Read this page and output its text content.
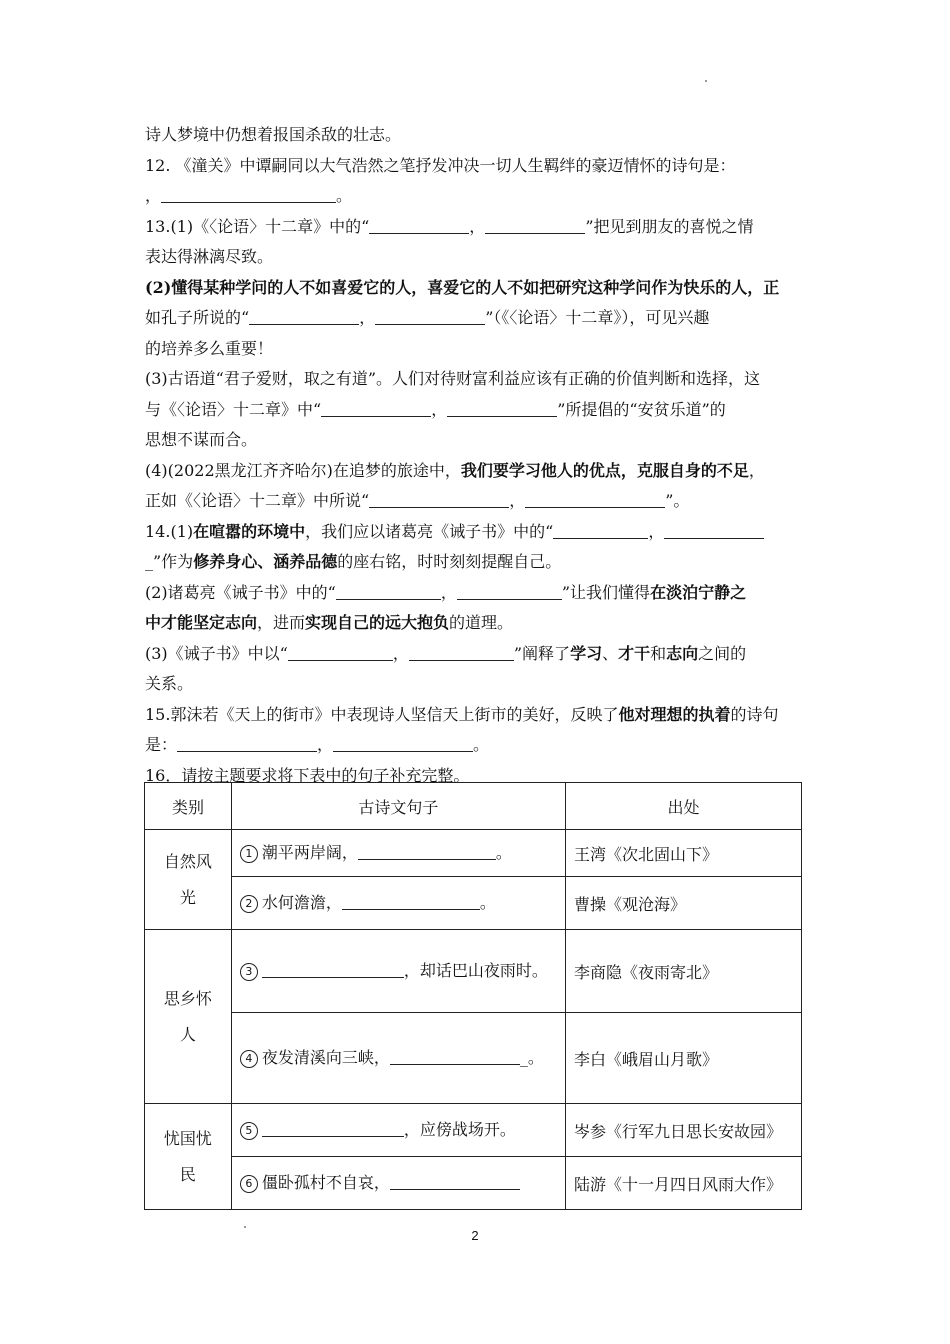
诗人梦境中仍想着报国杀敌的壮志。
12. 《潼关》中谭嗣同以大气浩然之笔抒发冲决一切人生羁绊的豪迈情怀的诗句是：
，	。
13.(1)《〈论语〉十二章》中的“	，	”把见到朋友的喜悦之情
表达得淋漓尽致。
(2)懂得某种学问的人不如喜爱它的人，喜爱它的人不如把研究这种学问作为快乐的人，正
如孔子所说的“	，	”（《〈论语〉十二章》），可见兴趣
的培养多么重要！
(3)古语道“君子爱财，取之有道”。人们对待财富利益应该有正确的价值判断和选择，这
与《〈论语〉十二章》中“	，	”所提倡的“安贫乐道”的
思想不谋而合。
(4)(2022黑龙江齐齐哈尔)在追梦的旅途中，我们要学习他人的优点，克服自身的不足，
正如《〈论语〉十二章》中所说“	，	”。
14.(1)在喧嚣的环境中，我们应以诸葛亮《诫子书》中的“	，
_”作为修养身心、涵养品德的座右铭，时时刻刻提醒自己。
(2)诸葛亮《诫子书》中的“	，	”让我们懂得在淡泊宁静之
中才能坚定志向，进而实现自己的远大抱负的道理。
(3)《诫子书》中以“	，	”阐释了学习、才干和志向之间的
关系。
15.郭沫若《天上的街市》中表现诗人坚信天上街市的美好，反映了他对理想的执着的诗句
是：	，	。
16．请按主题要求将下表中的句子补充完整。
类别	古诗文句子	出处
自然风光	1 潮平两岸阔， 。	王湾《次北固山下》
	2 水何澹澹， 。	曹操《观沧海》
思乡怀人	3 ，却话巴山夜雨时。	李商隐《夜雨寄北》
	4 夜发清溪向三峡， _。	李白《峨眉山月歌》
忧国忧民	5 ，应傍战场开。	岑参《行军九日思长安故园》
	6 僵卧孤村不自哀，	陆游《十一月四日风雨大作》
2
